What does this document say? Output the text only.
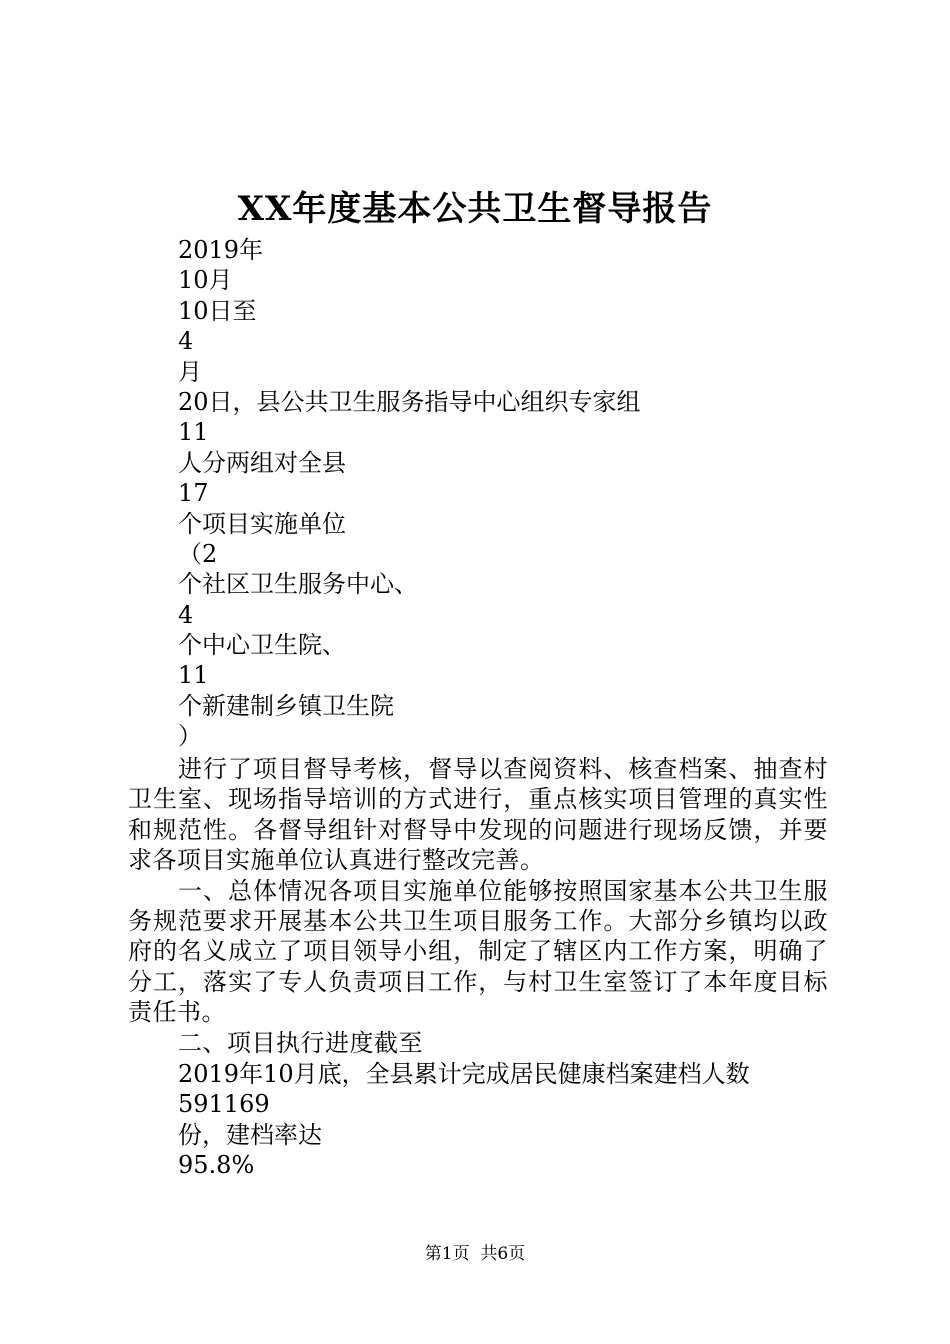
XX年度基本公共卫生督导报告
2019年
10月
10日至
4
月
20日，县公共卫生服务指导中心组织专家组
11
人分两组对全县
17
个项目实施单位
（2
个社区卫生服务中心、
4
个中心卫生院、
11
个新建制乡镇卫生院
）

进行了项目督导考核，督导以查阅资料、核查档案、抽查村卫生室、现场指导培训的方式进行，重点核实项目管理的真实性和规范性。各督导组针对督导中发现的问题进行现场反馈，并要求各项目实施单位认真进行整改完善。

一、总体情况各项目实施单位能够按照国家基本公共卫生服务规范要求开展基本公共卫生项目服务工作。大部分乡镇均以政府的名义成立了项目领导小组，制定了辖区内工作方案，明确了分工，落实了专人负责项目工作，与村卫生室签订了本年度目标责任书。

二、项目执行进度截至

2019年10月底，全县累计完成居民健康档案建档人数
591169
份，建档率达
95.8%
第1页  共6页
